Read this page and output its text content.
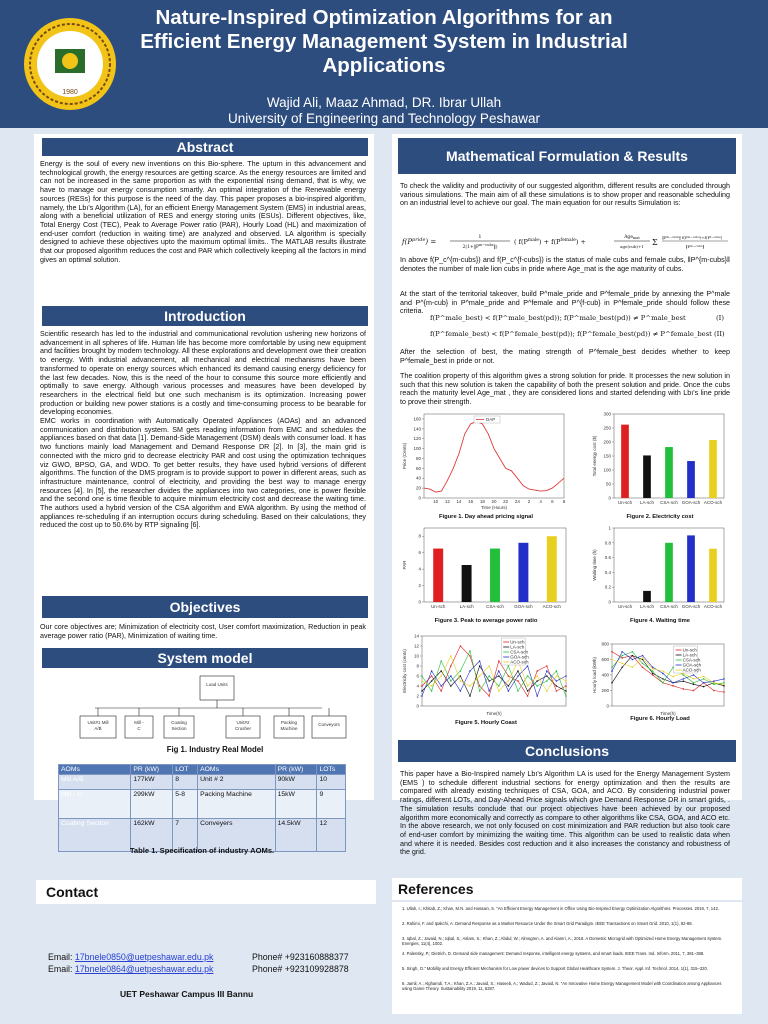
1980
Nature-Inspired Optimization Algorithms for an Efficient Energy Management System in Industrial Applications
Wajid Ali, Maaz Ahmad, DR. Ibrar Ullah
University of Engineering and Technology Peshawar
Abstract
Energy is the soul of every new inventions on this Bio-sphere. The upturn in this advancement and technological growth, the energy resources are getting scarce. As the energy resources are limited and can not be increased in the same proportion as with the exponential rising demand, that is why, we have to manage our energy consumption smartly. An optimal integration of the Renewable energy sources (RESs) for this purpose is the need of the day. This paper proposes a bio-inspired algorithm, namely, the Lbı's Algorithm (LA), for an efficient Energy Management System (EMS) in industrial areas, along with a beneficial utilization of RES and energy storing units (ESUs). Different objectives, like, Total Energy Cost (TEC), Peak to Average Power ratio (PAR), Hourly Load (HL) and maximization of end-user comfort (reduction in waiting time) are analyzed and observed. LA algorithm is specially designed to achieve these objectives upto the maximum optimal limits.. The MATLAB results illustrate that our proposed algorithm reduces the cost and PAR which collectively keeping all the factors in mind gives an optimal solution.
Introduction
Scientific research has led to the industrial and communicational revolution ushering new horizons of advancement in all spheres of life. Human life has become more comfortable by using new equipment and facilities brought by modern technology. All these explorations and development owe their creation to energy. With industrial advancement, all mechanical and electrical mechanisms have been transformed to operate on energy sources which enhanced its demand causing energy deficiency for the last few decades. Now, this is the need of the hour to consume this source more efficiently and optimally to save energy. Although various processes and measures have been developed by researchers in the electrical field but one such mechanism is its optimization. Increasing power production or building new power stations is a costly and time-consuming process to be bearable for developing economies.
EMC works in coordination with Automatically Operated Appliances (AOAs) and an advanced communication and distribution system. SM gets reading information from EMC and schedules the appliances based on that data [1]. Demand-Side Management (DSM) deals with consumer load. It has two functions mainly load Management and Demand Response DR [2]. In [3], the main grid is connected with the micro grid to decrease electricity PAR and cost using the optimization techniques viz GWO, BPSO, GA, and WDO. To get better results, they have used hybrid versions of different algorithms. The function of the DMS program is to provide support to power in different areas, such as infrastructure maintenance, control of electricity, and providing the best way to manage energy resources [4]. In [5], the researcher divides the appliances into two categories, one is power flexible and the second one is time flexible to acquire minimum electricity cost and decrease the waiting time. The authors used a hybrid version of the CSA algorithm and EWA algorithm. By using the method of appliances re-scheduling if an interruption occurs during scheduling. Based on their calculations, they reduced the cost up to 50.6% by RTP signaling [6].
Objectives
Our core objectives are; Minimization of electricity cost, User comfort maximization, Reduction in peak average power ratio (PAR), Minimization of waiting time.
System model
Load Units
Unit#1 Mill
A/B
Mill -
C
Coating
Section
Unit#2
Crusher
Packing
Machine
Conveyors
Fig 1. Industry Real Model
AOMs	PR (kW)	LOT	AOMs	PR (kW)	LOTs
Mill A/B	177kW	8	Unit # 2	90kW	10
Mill - C	299kW	5-8	Packing Machine	15kW	9
Coating Section	162kW	7	Conveyers	14.5kW	12
Table 1. Specification of industry AOMs.
Mathematical Formulation & Results
To check the validity and productivity of our suggested algorithm, different results are concluded through various simulations. The main aim of all these simulations is to show proper and reasonable scheduling on an industrial level to achieve our goal. The main equation for our results Simulation is:
$f(P^{pride})$ =
1
$2(1+‖P^{m-cubs}‖)$
( $f(P^{male}) + f(P^{female})$ +
Age$_{mat}$
age(cub)+1 Σ
$‖P^{m-cubs}‖$ $f(P^{m-cubs})+f(P^{f-cubs})$
$‖P^{m-cubs}‖$
In above f(P_c^{m-cubs}) and f(P_c^{f-cubs}) is the status of male cubs and female cubs, ‖P^{m-cubs}‖ denotes the number of male lion cubs in pride where Age_mat is the age maturity of cubs.
At the start of the territorial takeover, build P^male_pride and P^female_pride by annexing the P^male and P^{m-cub} in P^male_pride and P^female and P^{f-cub} in P^female_pride should follow these criteria.
f(P^male_best) < f(P^male_best(pd)); f(P^male_best(pd)) ≠ P^male_best	(I)
f(P^female_best) < f(P^female_best(pd)); f(P^female_best(pd)) ≠ P^female_best (II)
After the selection of best, the mating strength of P^female_best decides whether to keep P^female_best in pride or not.
The coalition property of this algorithm gives a strong solution for pride. It processes the new solution in such that this new solution is taken the capability of both the present solution and pride. Once the cubs reach the maturity level Age_mat , they are considered lions and started defending with Lbı's line pride to prove their strength.
0
20
40
60
80
100
120
140
160
Price (Cents)
10 12 14 16 18 20 22 24 2 4 6 8
Time (Hours)
DAP
Figure 1. Day ahead pricing signal
0
50
100
150
200
250
300
Total energy cost ($)
Un-sch LA-sch CSA-sch GOA-sch ACO-sch
Figure 2. Electricity cost
0
2
4
6
8
PAR
Un-sch	LA-sch	CSA-sch GOA-sch ACO-sch
Figure 3. Peak to average power ratio
0
0.2
0.4
0.6
0.8
1
Waiting time (h)
Un-sch LA-sch CSA-sch GOA-sch ACO-sch
Figure 4. Waiting time
0
2
4
6
8
10
12
14
Electricity cost (cents)
Un-sch
LA-sch
CSA-sch
GOA-sch
ACO-sch
Time(h)
Figure 5. Hourly Coast
0
200
400
600
800
Hourly load (kWh)
Un-sch
LA-sch
CSA-sch
GOA-sch
ACO-sch
Time(h)
Figure 6. Hourly Load
Conclusions
This paper have a Bio-Inspired namely Lbı's Algorithm LA is used for the Energy Management System (EMS ) to schedule different industrial sections for energy optimization and then the results are compared with already existing techniques of CSA, GOA, and ACO. By considering industrial power ratings, different LOTs, and Day-Ahead Price signals which give Demand Response DR in smart grids, . The simulation results conclude that our project objectives have been achieved by our proposed algorithm more economically and correctly as compare to other algorithms like CSA, GOA, and ACO etc. In the above research, we not only focused on cost minimization and PAR reduction but also took care of end-user comfort by minimizing the waiting time. This algorithm can be used to realistic data when and where it is needed. Besides cost reduction and it also increases the constancy and robustness of the grid.
Contact
Email: 17bnele0850@uetpeshawar.edu.pk	Phone# +923160888377
Email: 17bnele0864@uetpeshawar.edu.pk	Phone# +923109928878
UET Peshawar Campus III Bannu
References
1. Ullah, I.; Khitab, Z.; Khan, M.N. and Hussain, S. "An Efficient Energy Management in Office Using Bio-Inspired Energy Optimization Algorithms. Processes. 2019, 7, 142.
2. Rahimi, F. and Ipakchi, A. Demand Response as a Market Resource Under the Smart Grid Paradigm. IEEE Transactions on Smart Grid. 2010, 1(1), 82-88.
3. Iqbal, Z.; Javaid, N.; Iqbal, S.; Aslam, S.; Khan, Z.; Abdul, W.; Almogren, A. and Alamri, A., 2018. A Domestic Microgrid with Optimized Home Energy Management System. Energies, 11(4), 1002.
4. Palensky, P.; Dietrich, D. Demand side management: Demand response, intelligent energy systems, and smart loads. IEEE Trans. Ind. Inform. 2011, 7, 381–388.
5. Singh, O." Mobility and Energy Efficient Mechanism for Low power devices to Support Global Healthcare System. J. Theor. Appl. Inf. Technol. 2014, 1(1), 315–320.
6. Jamil, A.; Alghamdi, T.A.; Khan, Z.A.; Javaid, S.; Haseeb, A.; Wadud, Z.; Javaid, N. "An Innovative Home Energy Management Model with Coordination among Appliances using Game Theory. Sustainability 2019, 11, 6287.
